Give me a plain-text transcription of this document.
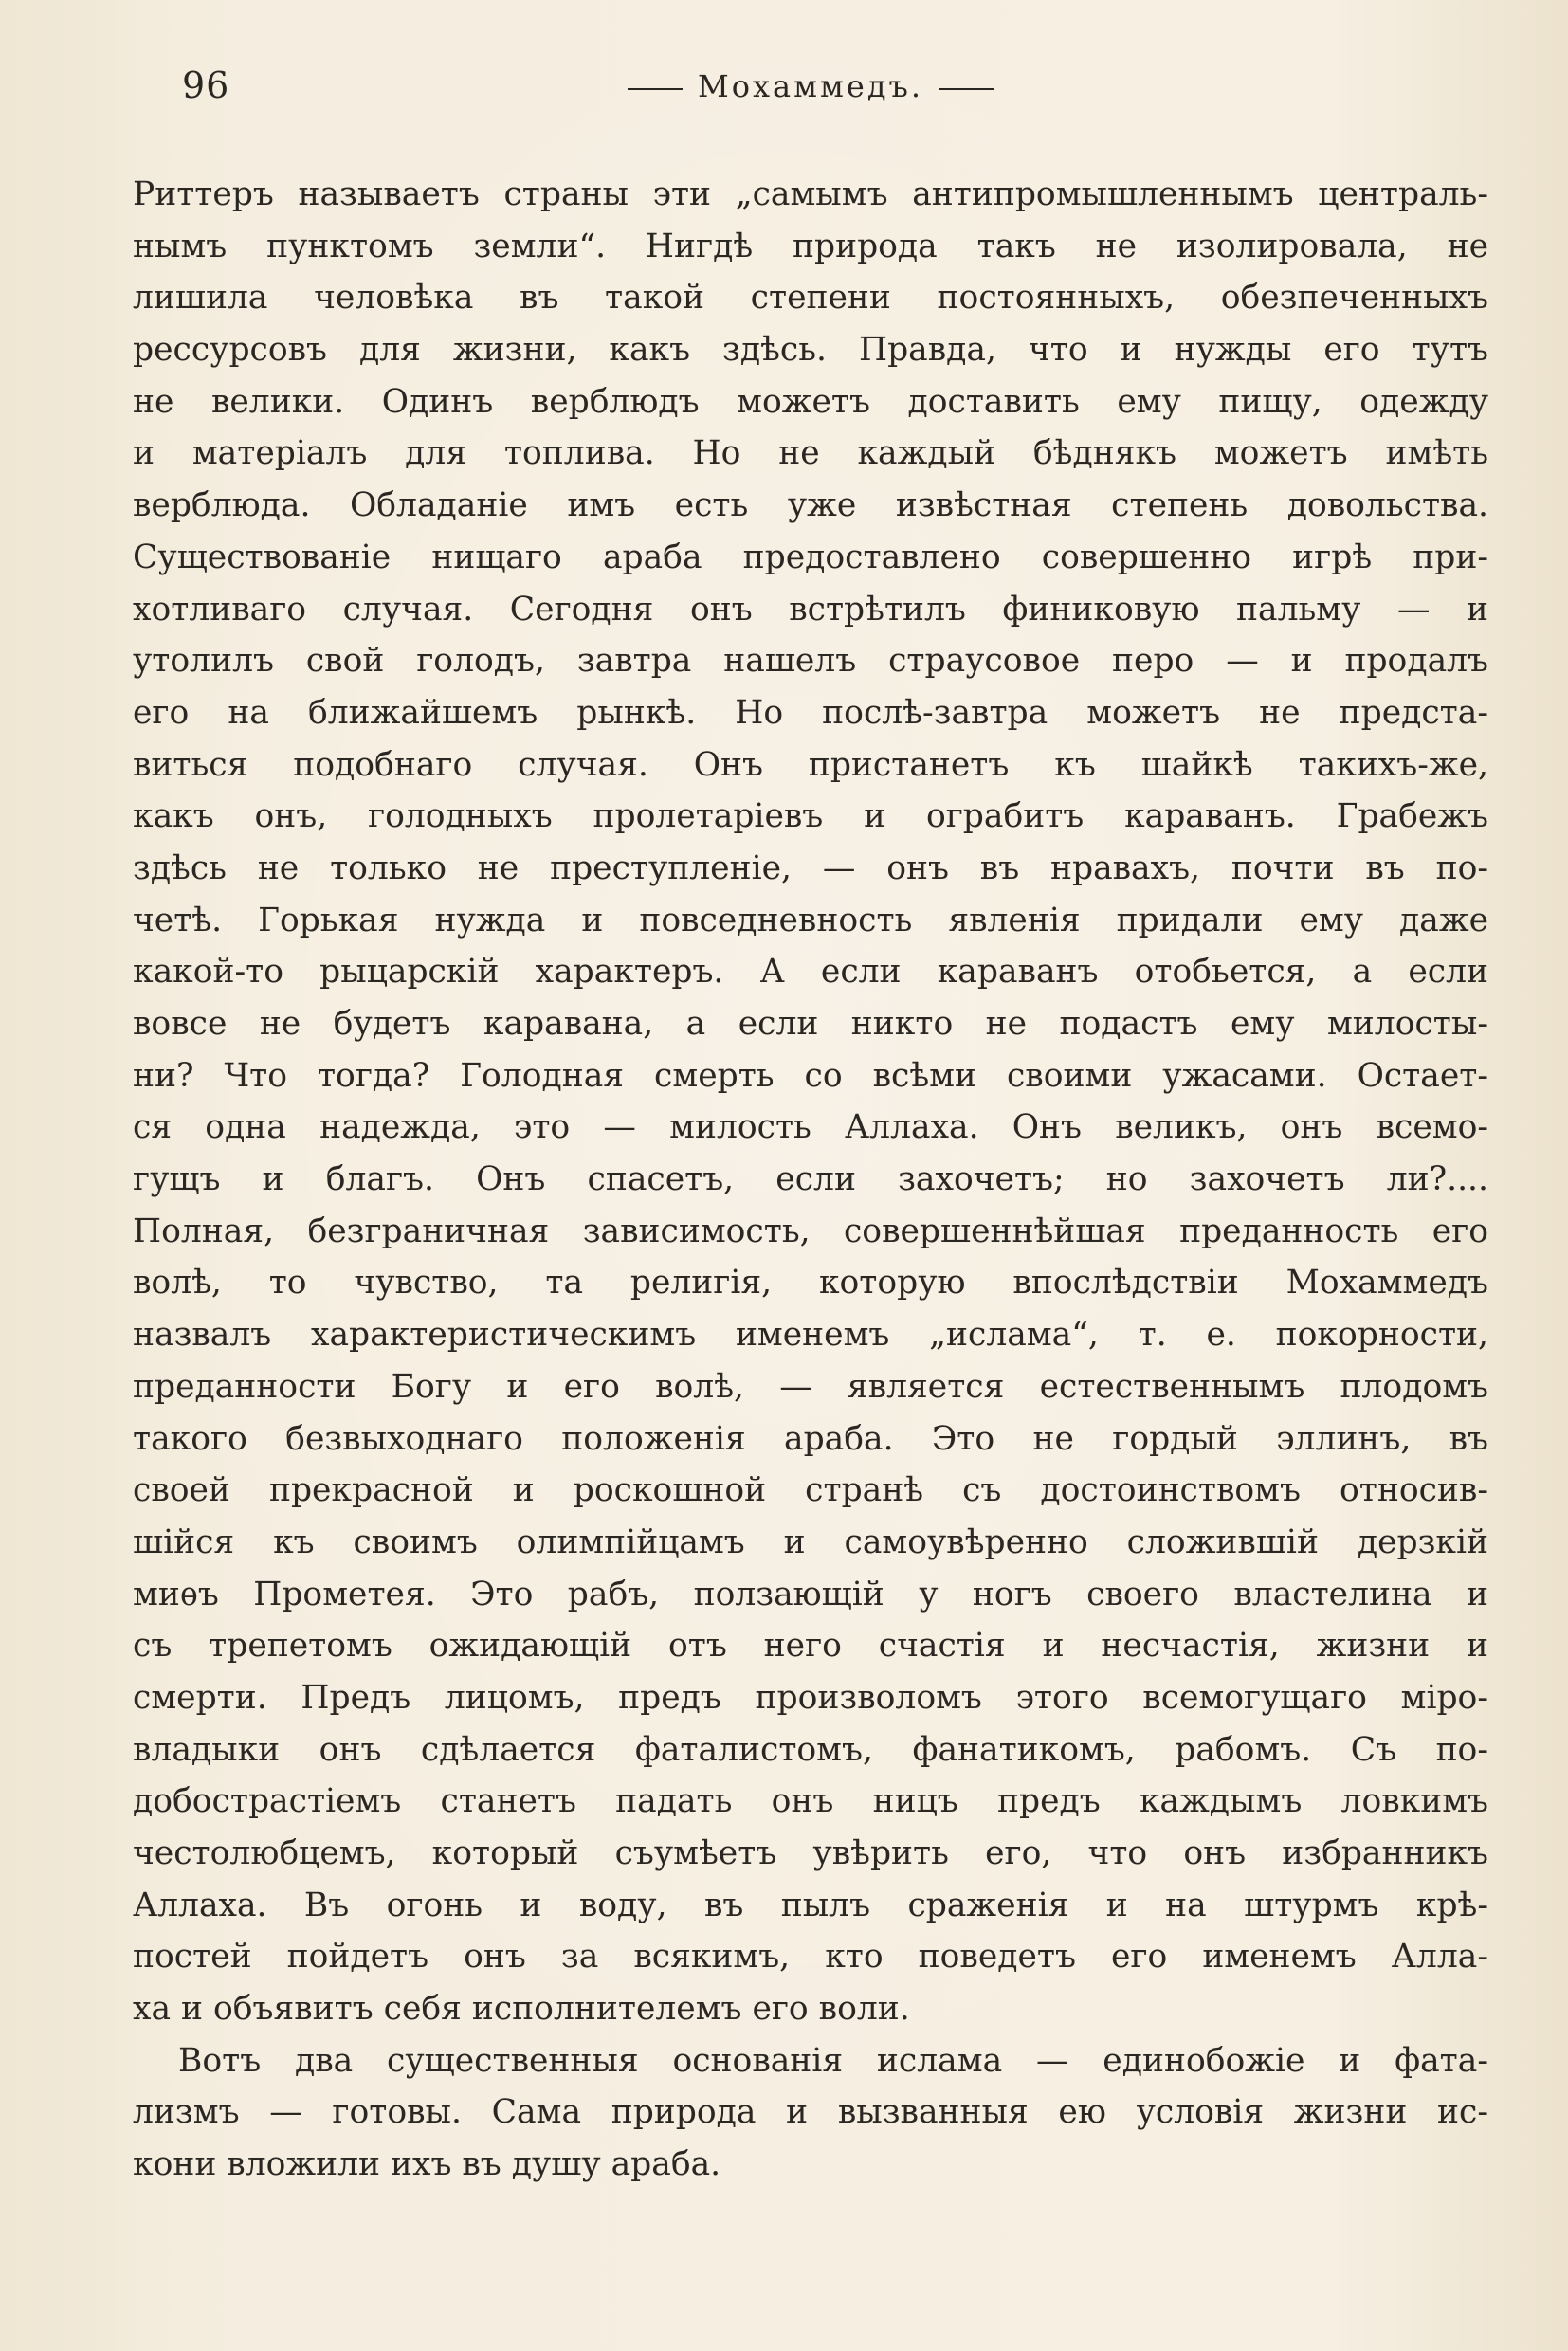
96	Мохаммедъ.
Риттеръ называетъ страны эти „самымъ антипромышленнымъ централь-
нымъ пунктомъ земли“. Нигдѣ природа такъ не изолировала, не
лишила человѣка въ такой степени постоянныхъ, обезпеченныхъ
рессурсовъ для жизни, какъ здѣсь. Правда, что и нужды его тутъ
не велики. Одинъ верблюдъ можетъ доставить ему пищу, одежду
и матеріалъ для топлива. Но не каждый бѣднякъ можетъ имѣть
верблюда. Обладаніе имъ есть уже извѣстная степень довольства.
Существованіе нищаго араба предоставлено совершенно игрѣ при-
хотливаго случая. Сегодня онъ встрѣтилъ финиковую пальму — и
утолилъ свой голодъ, завтра нашелъ страусовое перо — и продалъ
его на ближайшемъ рынкѣ. Но послѣ-завтра можетъ не предста-
виться подобнаго случая. Онъ пристанетъ къ шайкѣ такихъ-же,
какъ онъ, голодныхъ пролетаріевъ и ограбитъ караванъ. Грабежъ
здѣсь не только не преступленіе, — онъ въ нравахъ, почти въ по-
четѣ. Горькая нужда и повседневность явленія придали ему даже
какой-то рыцарскій характеръ. А если караванъ отобьется, а если
вовсе не будетъ каравана, а если никто не подастъ ему милосты-
ни? Что тогда? Голодная смерть со всѣми своими ужасами. Остает-
ся одна надежда, это — милость Аллаха. Онъ великъ, онъ всемо-
гущъ и благъ. Онъ спасетъ, если захочетъ; но захочетъ ли?....
Полная, безграничная зависимость, совершеннѣйшая преданность его
волѣ, то чувство, та религія, которую впослѣдствіи Мохаммедъ
назвалъ характеристическимъ именемъ „ислама“, т. е. покорности,
преданности Богу и его волѣ, — является естественнымъ плодомъ
такого безвыходнаго положенія араба. Это не гордый эллинъ, въ
своей прекрасной и роскошной странѣ съ достоинствомъ относив-
шійся къ своимъ олимпійцамъ и самоувѣренно сложившій дерзкій
миѳъ Прометея. Это рабъ, ползающій у ногъ своего властелина и
съ трепетомъ ожидающій отъ него счастія и несчастія, жизни и
смерти. Предъ лицомъ, предъ произволомъ этого всемогущаго міро-
владыки онъ сдѣлается фаталистомъ, фанатикомъ, рабомъ. Съ по-
добострастіемъ станетъ падать онъ ницъ предъ каждымъ ловкимъ
честолюбцемъ, который съумѣетъ увѣрить его, что онъ избранникъ
Аллаха. Въ огонь и воду, въ пылъ сраженія и на штурмъ крѣ-
постей пойдетъ онъ за всякимъ, кто поведетъ его именемъ Алла-
ха и объявитъ себя исполнителемъ его воли.
Вотъ два существенныя основанія ислама — единобожіе и фата-
лизмъ — готовы. Сама природа и вызванныя ею условія жизни ис-
кони вложили ихъ въ душу араба.
